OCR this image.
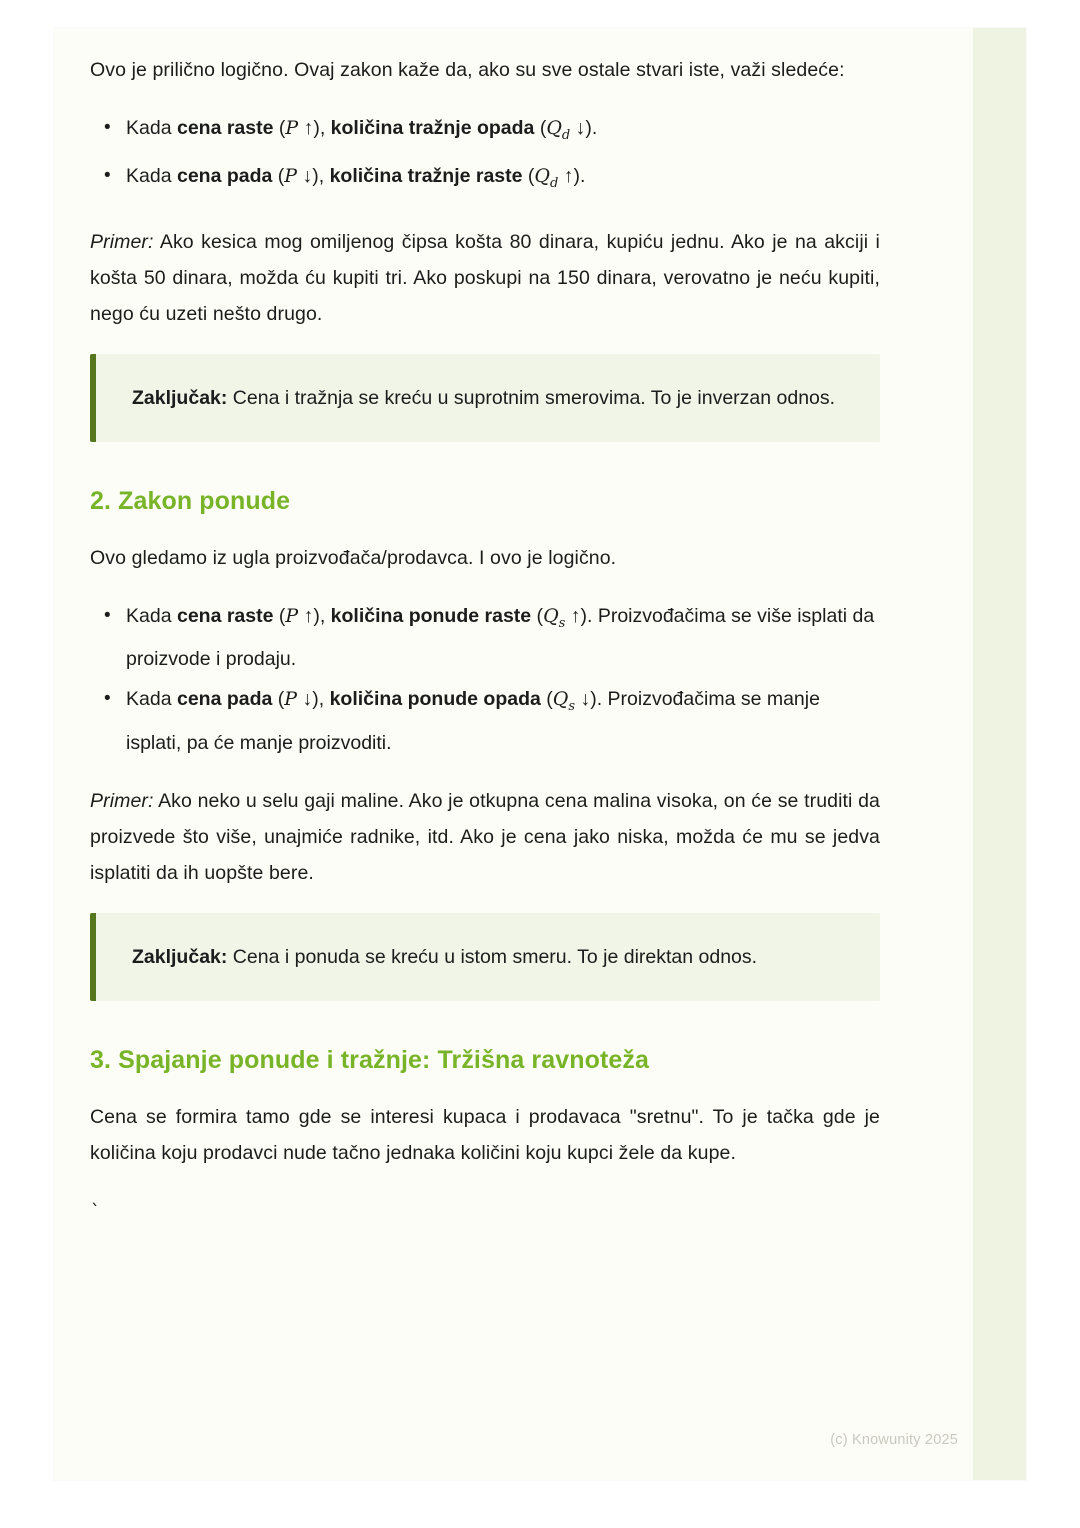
Ovo je prilično logično. Ovaj zakon kaže da, ako su sve ostale stvari iste, važi sledeće:

• Kada cena raste (P ↑), količina tražnje opada ($Q_d$ ↓).
• Kada cena pada (P ↓), količina tražnje raste ($Q_d$ ↑).

Primer: Ako kesica mog omiljenog čipsa košta 80 dinara, kupiću jednu. Ako je na akciji i košta 50 dinara, možda ću kupiti tri. Ako poskupi na 150 dinara, verovatno je neću kupiti, nego ću uzeti nešto drugo.

Zaključak: Cena i tražnja se kreću u suprotnim smerovima. To je inverzan odnos.

2. Zakon ponude

Ovo gledamo iz ugla proizvođača/prodavca. I ovo je logično.

• Kada cena raste (P ↑), količina ponude raste ($Q_s$ ↑). Proizvođačima se više isplati da proizvode i prodaju.
• Kada cena pada (P ↓), količina ponude opada ($Q_s$ ↓). Proizvođačima se manje isplati, pa će manje proizvoditi.

Primer: Ako neko u selu gaji maline. Ako je otkupna cena malina visoka, on će se truditi da proizvede što više, unajmiće radnike, itd. Ako je cena jako niska, možda će mu se jedva isplatiti da ih uopšte bere.

Zaključak: Cena i ponuda se kreću u istom smeru. To je direktan odnos.

3. Spajanje ponude i tražnje: Tržišna ravnoteža

Cena se formira tamo gde se interesi kupaca i prodavaca "sretnu". To je tačka gde je količina koju prodavci nude tačno jednaka količini koju kupci žele da kupe.

`

(c) Knowunity 2025
